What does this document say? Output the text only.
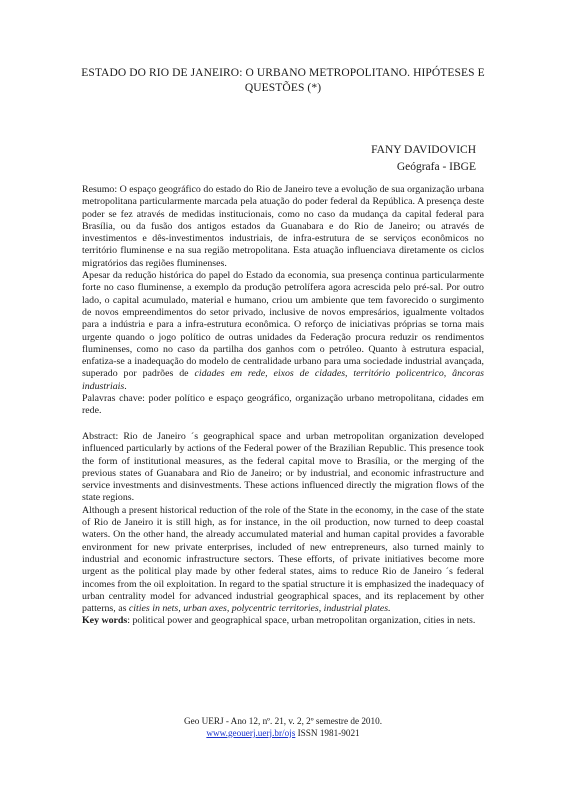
ESTADO DO RIO DE JANEIRO: O URBANO METROPOLITANO. HIPÓTESES E
QUESTÕES (*)
FANY DAVIDOVICH
Geógrafa - IBGE

Resumo: O espaço geográfico do estado do Rio de Janeiro teve a evolução de sua organização urbana metropolitana particularmente marcada pela atuação do poder federal da República. A presença deste poder se fez através de medidas institucionais, como no caso da mudança da capital federal para Brasília, ou da fusão dos antigos estados da Guanabara e do Rio de Janeiro; ou através de investimentos e dês-investimentos industriais, de infra-estrutura de se serviços econômicos no território fluminense e na sua região metropolitana. Esta atuação influenciava diretamente os ciclos migratórios das regiões fluminenses.

Apesar da redução histórica do papel do Estado da economia, sua presença continua particularmente forte no caso fluminense, a exemplo da produção petrolífera agora acrescida pelo pré-sal. Por outro lado, o capital acumulado, material e humano, criou um ambiente que tem favorecido o surgimento de novos empreendimentos do setor privado, inclusive de novos empresários, igualmente voltados para a indústria e para a infra-estrutura econômica. O reforço de iniciativas próprias se torna mais urgente quando o jogo político de outras unidades da Federação procura reduzir os rendimentos fluminenses, como no caso da partilha dos ganhos com o petróleo. Quanto à estrutura espacial, enfatiza-se a inadequação do modelo de centralidade urbano para uma sociedade industrial avançada, superado por padrões de cidades em rede, eixos de cidades, território policentrico, âncoras industriais.

Palavras chave: poder político e espaço geográfico, organização urbano metropolitana, cidades em rede.

Abstract: Rio de Janeiro ´s geographical space and urban metropolitan organization developed influenced particularly by actions of the Federal power of the Brazilian Republic. This presence took the form of institutional measures, as the federal capital move to Brasília, or the merging of the previous states of Guanabara and Rio de Janeiro; or by industrial, and economic infrastructure and service investments and disinvestments. These actions influenced directly the migration flows of the state regions.

Although a present historical reduction of the role of the State in the economy, in the case of the state of Rio de Janeiro it is still high, as for instance, in the oil production, now turned to deep coastal waters. On the other hand, the already accumulated material and human capital provides a favorable environment for new private enterprises, included of new entrepreneurs, also turned mainly to industrial and economic infrastructure sectors. These efforts, of private initiatives become more urgent as the political play made by other federal states, aims to reduce Rio de Janeiro ´s federal incomes from the oil exploitation. In regard to the spatial structure it is emphasized the inadequacy of urban centrality model for advanced industrial geographical spaces, and its replacement by other patterns, as cities in nets, urban axes, polycentric territories, industrial plates.

Key words: political power and geographical space, urban metropolitan organization, cities in nets.

Geo UERJ - Ano 12, nº. 21, v. 2, 2º semestre de 2010.
www.geouerj.uerj.br/ojs ISSN 1981-9021
